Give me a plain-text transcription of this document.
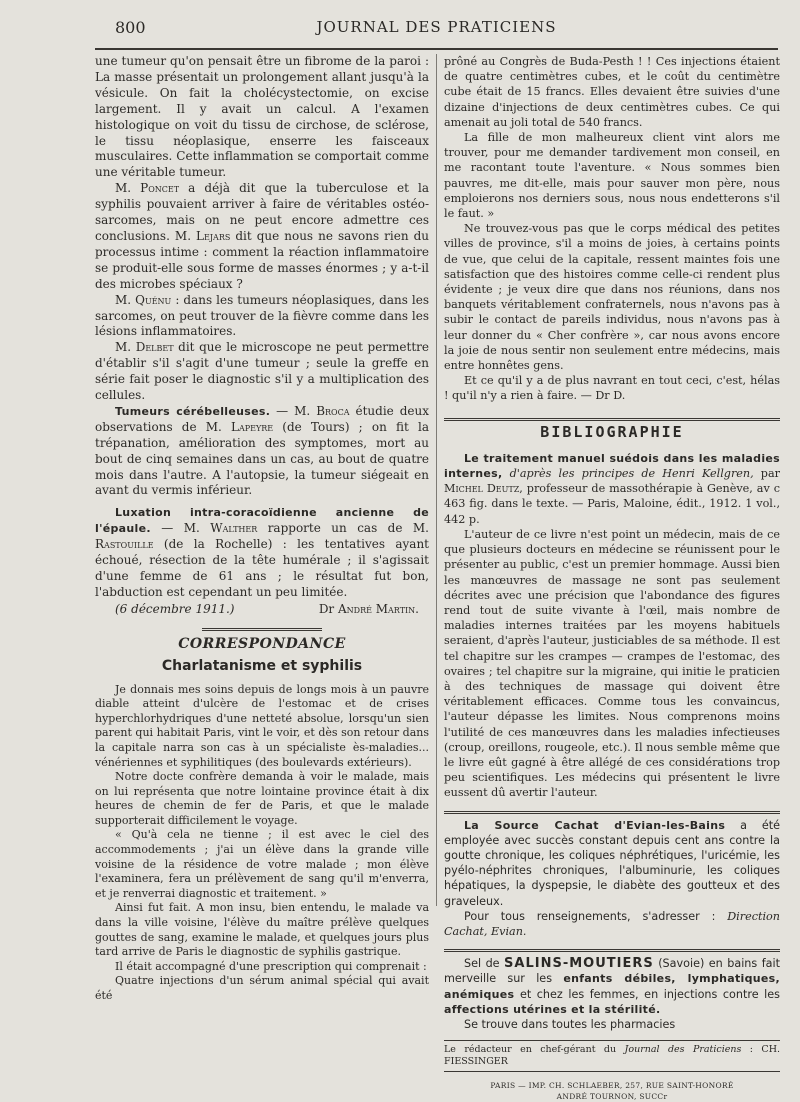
800	JOURNAL DES PRATICIENS

une tumeur qu'on pensait être un fibrome de la paroi : La masse présentait un prolongement allant jusqu'à la vésicule. On fait la cholécystectomie, on excise largement. Il y avait un calcul. A l'examen histologique on voit du tissu de circhose, de sclérose, le tissu néoplasique, enserre les faisceaux musculaires. Cette inflammation se comportait comme une véritable tumeur.

M. Poncet a déjà dit que la tuberculose et la syphilis pouvaient arriver à faire de véritables ostéo-sarcomes, mais on ne peut encore admettre ces conclusions. M. Lejars dit que nous ne savons rien du processus intime : comment la réaction inflammatoire se produit-elle sous forme de masses énormes ; y a-t-il des microbes spéciaux ?

M. Quénu : dans les tumeurs néoplasiques, dans les sarcomes, on peut trouver de la fièvre comme dans les lésions inflammatoires.

M. Delbet dit que le microscope ne peut permettre d'établir s'il s'agit d'une tumeur ; seule la greffe en série fait poser le diagnostic s'il y a multiplication des cellules.

Tumeurs cérébelleuses. — M. Broca étudie deux observations de M. Lapeyre (de Tours) ; on fit la trépanation, amélioration des symptomes, mort au bout de cinq semaines dans un cas, au bout de quatre mois dans l'autre. A l'autopsie, la tumeur siégeait en avant du vermis inférieur.

Luxation intra-coracoïdienne ancienne de l'épaule. — M. Walther rapporte un cas de M. Rastouille (de la Rochelle) : les tentatives ayant échoué, résection de la tête humérale ; il s'agissait d'une femme de 61 ans ; le résultat fut bon, l'abduction est cependant un peu limitée.

(6 décembre 1911.)	Dr André Martin.
CORRESPONDANCE
Charlatanisme et syphilis

Je donnais mes soins depuis de longs mois à un pauvre diable atteint d'ulcère de l'estomac et de crises hyperchlorhydriques d'une netteté absolue, lorsqu'un sien parent qui habitait Paris, vint le voir, et dès son retour dans la capitale narra son cas à un spécialiste ès-maladies... vénériennes et syphilitiques (des boulevards extérieurs).

Notre docte confrère demanda à voir le malade, mais on lui représenta que notre lointaine province était à dix heures de chemin de fer de Paris, et que le malade supporterait difficilement le voyage.

« Qu'à cela ne tienne ; il est avec le ciel des accommodements ; j'ai un élève dans la grande ville voisine de la résidence de votre malade ; mon élève l'examinera, fera un prélèvement de sang qu'il m'enverra, et je renverrai diagnostic et traitement. »

Ainsi fut fait. A mon insu, bien entendu, le malade va dans la ville voisine, l'élève du maître prélève quelques gouttes de sang, examine le malade, et quelques jours plus tard arrive de Paris le diagnostic de syphilis gastrique.

Il était accompagné d'une prescription qui comprenait :

Quatre injections d'un sérum animal spécial qui avait été

prôné au Congrès de Buda-Pesth ! ! Ces injections étaient de quatre centimètres cubes, et le coût du centimètre cube était de 15 francs. Elles devaient être suivies d'une dizaine d'injections de deux centimètres cubes. Ce qui amenait au joli total de 540 francs.

La fille de mon malheureux client vint alors me trouver, pour me demander tardivement mon conseil, en me racontant toute l'aventure. « Nous sommes bien pauvres, me dit-elle, mais pour sauver mon père, nous emploierons nos derniers sous, nous nous endetterons s'il le faut. »

Ne trouvez-vous pas que le corps médical des petites villes de province, s'il a moins de joies, à certains points de vue, que celui de la capitale, ressent maintes fois une satisfaction que des histoires comme celle-ci rendent plus évidente ; je veux dire que dans nos réunions, dans nos banquets véritablement confraternels, nous n'avons pas à subir le contact de pareils individus, nous n'avons pas à leur donner du « Cher confrère », car nous avons encore la joie de nous sentir non seulement entre médecins, mais entre honnêtes gens.

Et ce qu'il y a de plus navrant en tout ceci, c'est, hélas ! qu'il n'y a rien à faire. — Dr D.

BIBLIOGRAPHIE

Le traitement manuel suédois dans les maladies internes, d'après les principes de Henri Kellgren, par Michel Deutz, professeur de massothérapie à Genève, av c 463 fig. dans le texte. — Paris, Maloine, édit., 1912. 1 vol., 442 p.

L'auteur de ce livre n'est point un médecin, mais de ce que plusieurs docteurs en médecine se réunissent pour le présenter au public, c'est un premier hommage. Aussi bien les manœuvres de massage ne sont pas seulement décrites avec une précision que l'abondance des figures rend tout de suite vivante à l'œil, mais nombre de maladies internes traitées par les moyens habituels seraient, d'après l'auteur, justiciables de sa méthode. Il est tel chapitre sur les crampes — crampes de l'estomac, des ovaires ; tel chapitre sur la migraine, qui initie le praticien à des techniques de massage qui doivent être véritablement efficaces. Comme tous les convaincus, l'auteur dépasse les limites. Nous comprenons moins l'utilité de ces manœuvres dans les maladies infectieuses (croup, oreillons, rougeole, etc.). Il nous semble même que le livre eût gagné à être allégé de ces considérations trop peu scientifiques. Les médecins qui présentent le livre eussent dû avertir l'auteur.

La Source Cachat d'Evian-les-Bains a été employée avec succès constant depuis cent ans contre la goutte chronique, les coliques néphrétiques, l'uricémie, les pyélo-néphrites chroniques, l'albuminurie, les coliques hépatiques, la dyspepsie, le diabète des goutteux et des graveleux.

Pour tous renseignements, s'adresser : Direction Cachat, Evian.

Sel de SALINS-MOUTIERS (Savoie) en bains fait merveille sur les enfants débiles, lymphatiques, anémiques et chez les femmes, en injections contre les affections utérines et la stérilité.

Se trouve dans toutes les pharmacies

Le rédacteur en chef-gérant du Journal des Praticiens : CH. FIESSINGER
PARIS — IMP. CH. SCHLAEBER, 257, RUE SAINT-HONORÉ
ANDRÉ TOURNON, SUCCr
